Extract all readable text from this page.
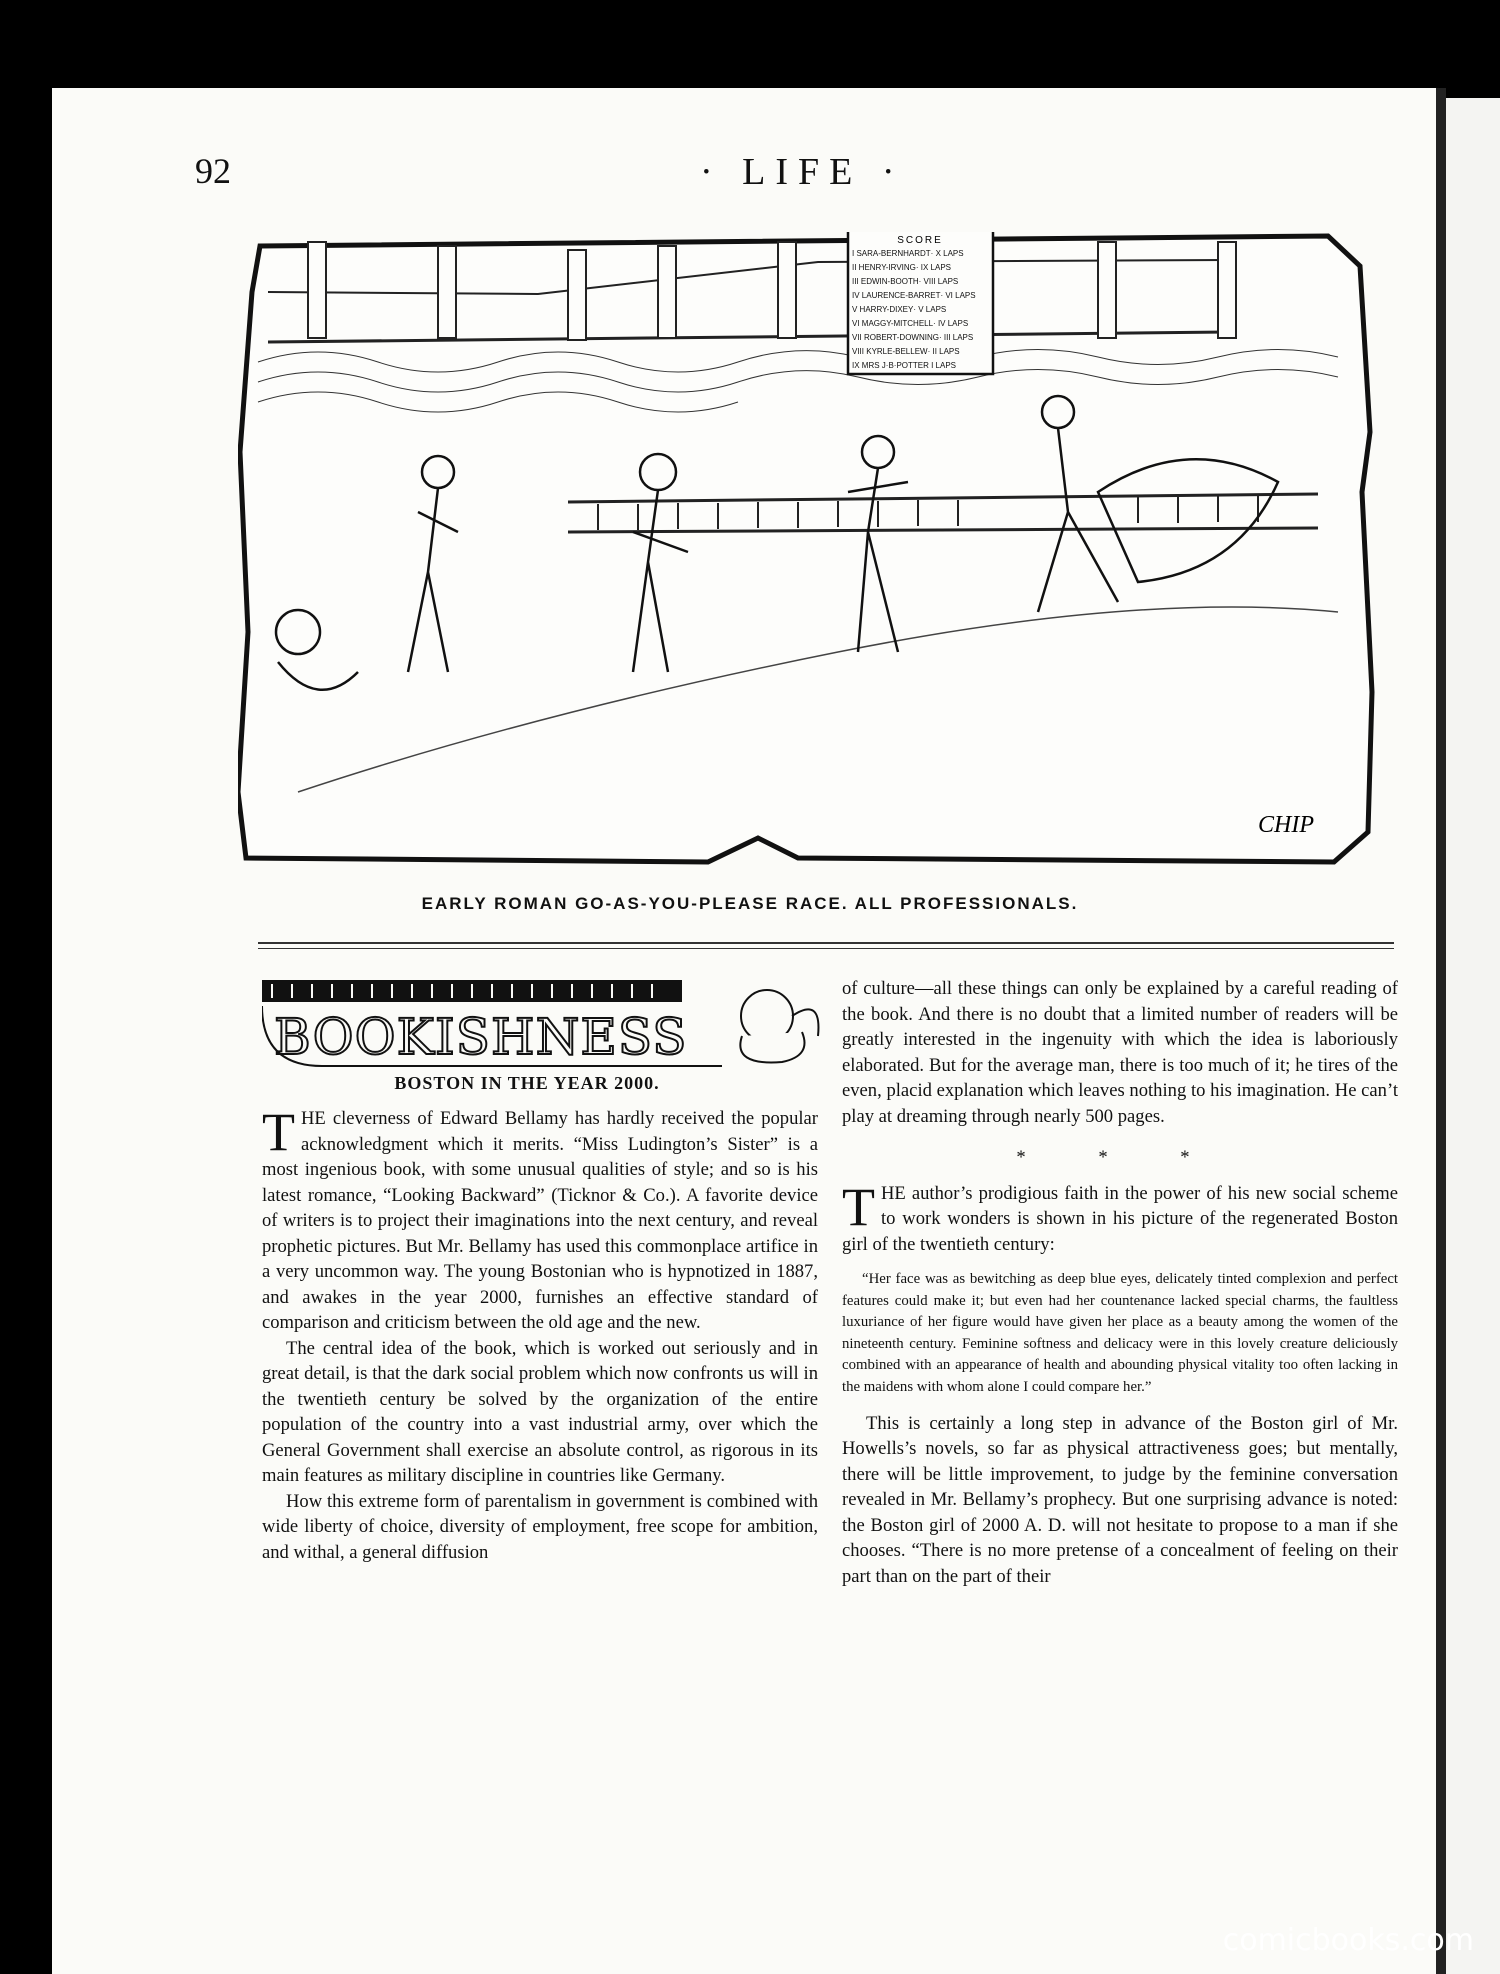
92	· LIFE ·
SCORE
I SARA-BERNHARDT· X LAPS
II HENRY-IRVING· IX LAPS
III EDWIN-BOOTH· VIII LAPS
IV LAURENCE-BARRET· VI LAPS
V HARRY-DIXEY· V LAPS
VI MAGGY-MITCHELL· IV LAPS
VII ROBERT-DOWNING· III LAPS
VIII KYRLE-BELLEW· II LAPS
IX MRS J·B·POTTER I LAPS
CHIP
EARLY ROMAN GO-AS-YOU-PLEASE RACE. ALL PROFESSIONALS.
BOOKISHNESS
BOSTON IN THE YEAR 2000.

THE cleverness of Edward Bellamy has hardly received the popular acknowledgment which it merits. “Miss Ludington’s Sister” is a most ingenious book, with some unusual qualities of style; and so is his latest romance, “Looking Backward” (Ticknor & Co.). A favorite device of writers is to project their imaginations into the next century, and reveal prophetic pictures. But Mr. Bellamy has used this commonplace artifice in a very uncommon way. The young Bostonian who is hypnotized in 1887, and awakes in the year 2000, furnishes an effective standard of comparison and criticism between the old age and the new.

The central idea of the book, which is worked out seriously and in great detail, is that the dark social problem which now confronts us will in the twentieth century be solved by the organization of the entire population of the country into a vast industrial army, over which the General Government shall exercise an absolute control, as rigorous in its main features as military discipline in countries like Germany.

How this extreme form of parentalism in government is combined with wide liberty of choice, diversity of employment, free scope for ambition, and withal, a general diffusion

of culture—all these things can only be explained by a careful reading of the book. And there is no doubt that a limited number of readers will be greatly interested in the ingenuity with which the idea is laboriously elaborated. But for the average man, there is too much of it; he tires of the even, placid explanation which leaves nothing to his imagination. He can’t play at dreaming through nearly 500 pages.

* * *

THE author’s prodigious faith in the power of his new social scheme to work wonders is shown in his picture of the regenerated Boston girl of the twentieth century:

“Her face was as bewitching as deep blue eyes, delicately tinted complexion and perfect features could make it; but even had her countenance lacked special charms, the faultless luxuriance of her figure would have given her place as a beauty among the women of the nineteenth century. Feminine softness and delicacy were in this lovely creature deliciously combined with an appearance of health and abounding physical vitality too often lacking in the maidens with whom alone I could compare her.”

This is certainly a long step in advance of the Boston girl of Mr. Howells’s novels, so far as physical attractiveness goes; but mentally, there will be little improvement, to judge by the feminine conversation revealed in Mr. Bellamy’s prophecy. But one surprising advance is noted: the Boston girl of 2000 A. D. will not hesitate to propose to a man if she chooses. “There is no more pretense of a concealment of feeling on their part than on the part of their

comicbooks.com
